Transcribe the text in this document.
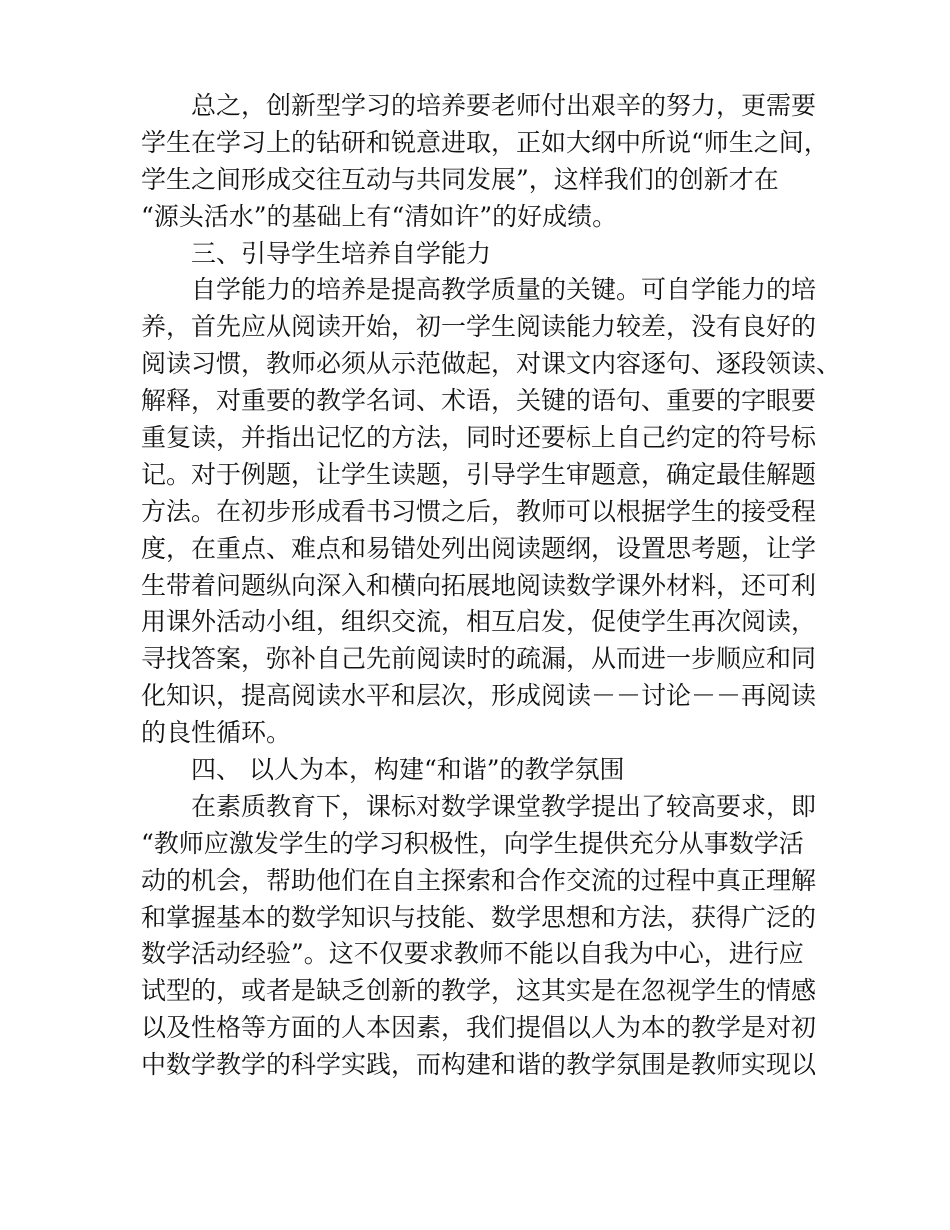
总之，创新型学习的培养要老师付出艰辛的努力，更需要
学生在学习上的钻研和锐意进取，正如大纲中所说“师生之间，
学生之间形成交往互动与共同发展”，这样我们的创新才在
“源头活水”的基础上有“清如许”的好成绩。
三、引导学生培养自学能力
自学能力的培养是提高教学质量的关键。可自学能力的培
养，首先应从阅读开始，初一学生阅读能力较差，没有良好的
阅读习惯，教师必须从示范做起，对课文内容逐句、逐段领读、
解释，对重要的教学名词、术语，关键的语句、重要的字眼要
重复读，并指出记忆的方法，同时还要标上自己约定的符号标
记。对于例题，让学生读题，引导学生审题意，确定最佳解题
方法。在初步形成看书习惯之后，教师可以根据学生的接受程
度，在重点、难点和易错处列出阅读题纲，设置思考题，让学
生带着问题纵向深入和横向拓展地阅读数学课外材料，还可利
用课外活动小组，组织交流，相互启发，促使学生再次阅读，
寻找答案，弥补自己先前阅读时的疏漏，从而进一步顺应和同
化知识，提高阅读水平和层次，形成阅读－－讨论－－再阅读
的良性循环。
四、 以人为本，构建“和谐”的教学氛围
在素质教育下，课标对数学课堂教学提出了较高要求，即
“教师应激发学生的学习积极性，向学生提供充分从事数学活
动的机会，帮助他们在自主探索和合作交流的过程中真正理解
和掌握基本的数学知识与技能、数学思想和方法，获得广泛的
数学活动经验”。这不仅要求教师不能以自我为中心，进行应
试型的，或者是缺乏创新的教学，这其实是在忽视学生的情感
以及性格等方面的人本因素，我们提倡以人为本的教学是对初
中数学教学的科学实践，而构建和谐的教学氛围是教师实现以
